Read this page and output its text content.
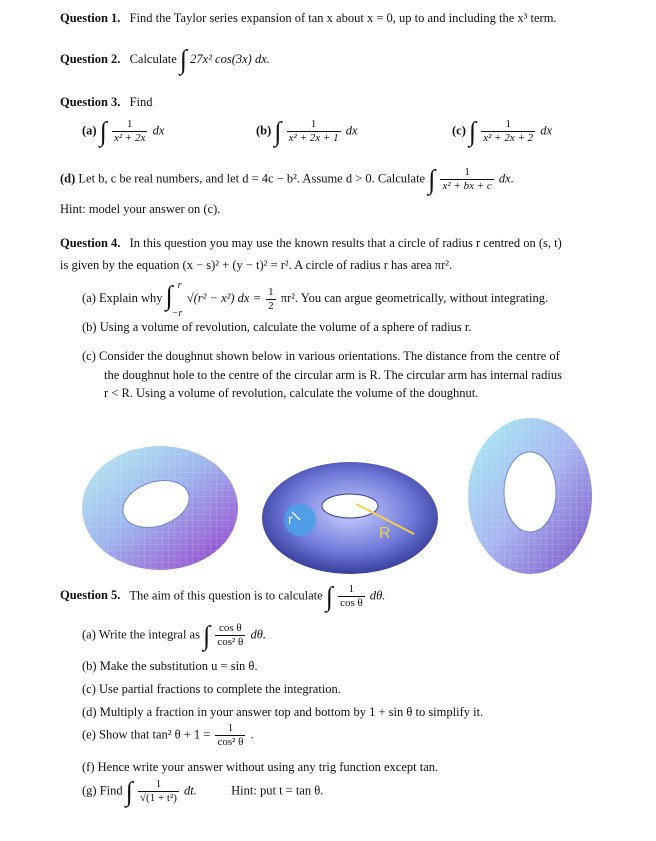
Question 1. Find the Taylor series expansion of tan x about x = 0, up to and including the x³ term.
Question 2. Calculate ∫ 27x² cos(3x) dx.
Question 3. Find
(a) ∫ $\frac{1}{\text{x² + 2x}}$ dx	(b) ∫ $\frac{1}{\text{x² + 2x + 1}}$ dx	(c) ∫ $\frac{1}{\text{x² + 2x + 2}}$ dx
(d) Let b, c be real numbers, and let d = 4c − b². Assume d > 0. Calculate ∫ $\frac{1}{\text{x² + bx + c}}$ dx.
Hint: model your answer on (c).
Question 4. In this question you may use the known results that a circle of radius r centred on (s, t)
is given by the equation (x − s)² + (y − t)² = r². A circle of radius r has area πr².
(a) Explain why ∫ r
−r
√(r² − x²) dx = $\frac{1}{2} \pi r^2$. You can argue geometrically, without integrating.
(b) Using a volume of revolution, calculate the volume of a sphere of radius r.
(c) Consider the doughnut shown below in various orientations. The distance from the centre of
the doughnut hole to the centre of the circular arm is R. The circular arm has internal radius
r < R. Using a volume of revolution, calculate the volume of the doughnut.
R
r
Question 5. The aim of this question is to calculate ∫ $\frac{1}{\text{cos θ}} d\theta$.
(a) Write the integral as ∫ $\frac{\text{cos θ}}{\text{cos² θ}} d\theta$.
(b) Make the substitution u = sin θ.
(c) Use partial fractions to complete the integration.
(d) Multiply a fraction in your answer top and bottom by 1 + sin θ to simplify it.
(e) Show that tan² $\theta + 1 = \frac{1}{\text{cos² θ}}$ .
(f) Hence write your answer without using any trig function except tan.
(g) Find ∫ $\frac{1}{\text{√(1 + t²)}}$ dt.	Hint: put t = tan θ.
